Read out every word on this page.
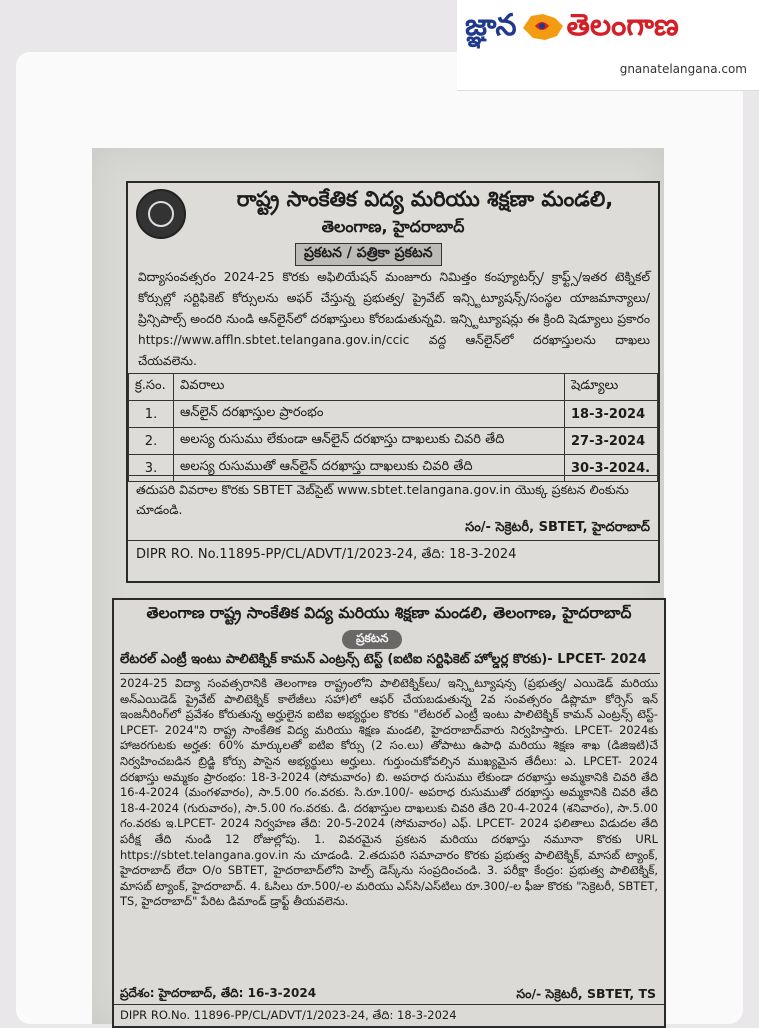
జ్ఞాన తెలంగాణ
gnanatelangana.com
రాష్ట్ర సాంకేతిక విద్య మరియు శిక్షణా మండలి,
తెలంగాణ, హైదరాబాద్
ప్రకటన / పత్రికా ప్రకటన
విద్యాసంవత్సరం 2024-25 కొరకు అఫిలియేషన్ మంజూరు నిమిత్తం కంప్యూటర్స్/ క్రాఫ్ట్స్/ఇతర టెక్నికల్ కోర్సుల్లో సర్టిఫికెట్ కోర్సులను అఫర్ చేస్తున్న ప్రభుత్వ/ ప్రైవేట్ ఇన్స్టిట్యూషన్స్/సంస్థల యాజమాన్యాలు/ ప్రిన్సిపాల్స్ అందరి నుండి ఆన్‌లైన్‌లో దరఖాస్తులు కోరబడుతున్నవి. ఇన్స్టిట్యూషన్లు ఈ క్రింది షెడ్యూలు ప్రకారం https://www.affln.sbtet.telangana.gov.in/ccic వద్ద ఆన్‌లైన్‌లో దరఖాస్తులను దాఖలు చేయవలెను.
క్ర.సం.	వివరాలు	షెడ్యూలు
1.	ఆన్‌లైన్ దరఖాస్తుల ప్రారంభం	18-3-2024
2.	అలస్య రుసుము లేకుండా ఆన్‌లైన్ దరఖాస్తు దాఖలుకు చివరి తేది	27-3-2024
3.	అలస్య రుసుముతో ఆన్‌లైన్ దరఖాస్తు దాఖలుకు చివరి తేది	30-3-2024.
తదుపరి వివరాల కొరకు SBTET వెబ్‌సైట్ www.sbtet.telangana.gov.in యొక్క ప్రకటన లింకును చూడండి.
సం/- సెక్రెటరీ, SBTET, హైదరాబాద్
DIPR RO. No.11895-PP/CL/ADVT/1/2023-24, తేది: 18-3-2024
తెలంగాణ రాష్ట్ర సాంకేతిక విద్య మరియు శిక్షణా మండలి, తెలంగాణ, హైదరాబాద్
ప్రకటన
లేటరల్ ఎంట్రీ ఇంటు పాలిటెక్నిక్ కామన్ ఎంట్రన్స్ టెస్ట్ (ఐటిఐ సర్టిఫికెట్ హోల్డర్ల కొరకు)- LPCET- 2024
2024-25 విద్యా సంవత్సరానికి తెలంగాణ రాష్ట్రంలోని పాలిటెక్నిక్‌లు/ ఇన్స్టిట్యూషన్స (ప్రభుత్వ/ ఎయిడెడ్ మరియు అన్‌ఎయిడెడ్ ప్రైవేట్ పాలిటెక్నిక్ కాలేజీలు సహా)లో ఆఫర్ చేయబడుతున్న 2వ సంవత్సరం డిప్లొమా కోర్సెస్ ఇన్ ఇంజనీరింగ్‌లో ప్రవేశం కోరుతున్న అర్హులైన ఐటిఐ అభ్యర్థుల కొరకు "లేటరల్ ఎంట్రీ ఇంటు పాలిటెక్నిక్ కామన్ ఎంట్రన్స్ టెస్ట్- LPCET- 2024"ని రాష్ట్ర సాంకేతిక విద్య మరియు శిక్షణ మండలి, హైదరాబాద్‌వారు నిర్వహిస్తారు. LPCET- 2024కు హాజరగుటకు అర్హత: 60% మార్కులతో ఐటిఐ కోర్సు (2 సం.లు) తోపాటు ఉపాధి మరియు శిక్షణ శాఖ (డిజిఇటి)చే నిర్వహించబడిన బ్రిడ్జి కోర్సు పాసైన అభ్యర్థులు అర్హులు. గుర్తుంచుకోవల్సిన ముఖ్యమైన తేదీలు: ఎ. LPCET- 2024 దరఖాస్తు అమ్మకం ప్రారంభం: 18-3-2024 (సోమవారం) బి. అపరాధ రుసుము లేకుండా దరఖాస్తు అమ్మకానికి చివరి తేది 16-4-2024 (మంగళవారం), సా.5.00 గం.వరకు. సి.రూ.100/- అపరాధ రుసుముతో దరఖాస్తు అమ్మకానికి చివరి తేది 18-4-2024 (గురువారం), సా.5.00 గం.వరకు. డి. దరఖాస్తుల దాఖలుకు చివరి తేది 20-4-2024 (శనివారం), సా.5.00 గం.వరకు ఇ.LPCET- 2024 నిర్వహణ తేది: 20-5-2024 (సోమవారం) ఎఫ్. LPCET- 2024 ఫలితాలు విడుదల తేది పరీక్ష తేది నుండి 12 రోజుల్లోపు. 1. వివరమైన ప్రకటన మరియు దరఖాస్తు నమూనా కొరకు URL https://sbtet.telangana.gov.in ను చూడండి. 2.తదుపరి సమాచారం కొరకు ప్రభుత్వ పాలిటెక్నిక్, మాసబ్ ట్యాంక్, హైదరాబాద్ లేదా O/o SBTET, హైదరాబాద్‌లోని హెల్ప్ డెస్క్‌ను సంప్రదించండి. 3. పరీక్షా కేంద్రం: ప్రభుత్వ పాలిటెక్నిక్, మాసబ్ ట్యాంక్, హైదరాబాద్. 4. ఓసిలు రూ.500/-ల మరియు ఎస్‌సి/ఎస్‌టిలు రూ.300/-ల ఫీజు కొరకు "సెక్రెటరీ, SBTET, TS, హైదరాబాద్" పేరిట డిమాండ్ డ్రాఫ్ట్ తీయవలెను.
ప్రదేశం: హైదరాబాద్, తేది: 16-3-2024	సం/- సెక్రెటరీ, SBTET, TS
DIPR RO.No. 11896-PP/CL/ADVT/1/2023-24, తేది: 18-3-2024
